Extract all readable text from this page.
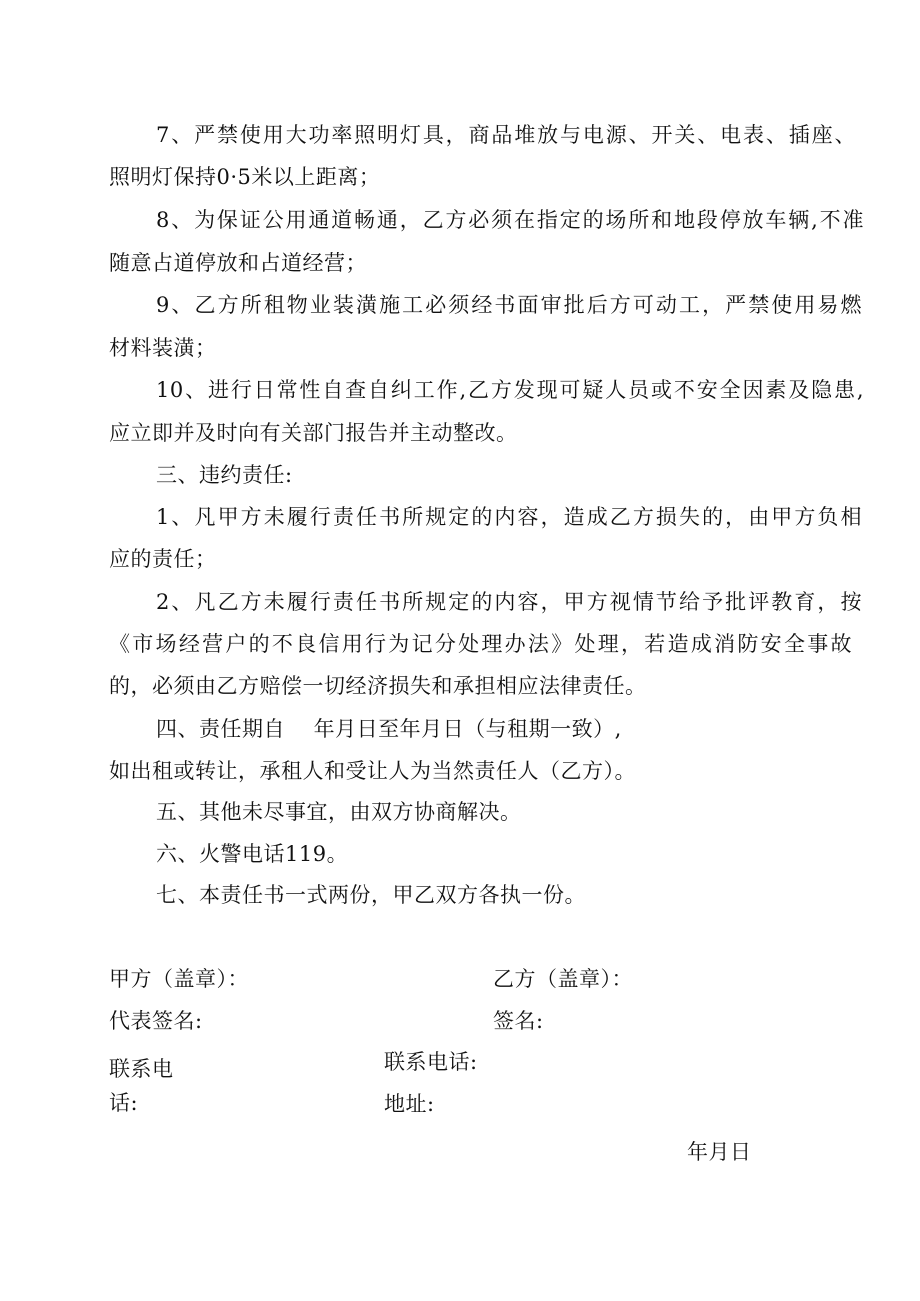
7、严禁使用大功率照明灯具，商品堆放与电源、开关、电表、插座、
照明灯保持0·5米以上距离；
8、为保证公用通道畅通，乙方必须在指定的场所和地段停放车辆,不准
随意占道停放和占道经营；
9、乙方所租物业装潢施工必须经书面审批后方可动工，严禁使用易燃
材料装潢；
10、进行日常性自查自纠工作,乙方发现可疑人员或不安全因素及隐患,
应立即并及时向有关部门报告并主动整改。
三、违约责任:
1、凡甲方未履行责任书所规定的内容，造成乙方损失的，由甲方负相
应的责任；
2、凡乙方未履行责任书所规定的内容，甲方视情节给予批评教育，按
《市场经营户的不良信用行为记分处理办法》处理，若造成消防安全事故
的，必须由乙方赔偿一切经济损失和承担相应法律责任。
四、责任期自　 年月日至年月日（与租期一致）,
如出租或转让，承租人和受让人为当然责任人（乙方）。
五、其他未尽事宜，由双方协商解决。
六、火警电话119。
七、本责任书一式两份，甲乙双方各执一份。
甲方（盖章）：	乙方（盖章）：
代表签名:	签名:
联系电
话:
联系电话:
地址:
年月日
